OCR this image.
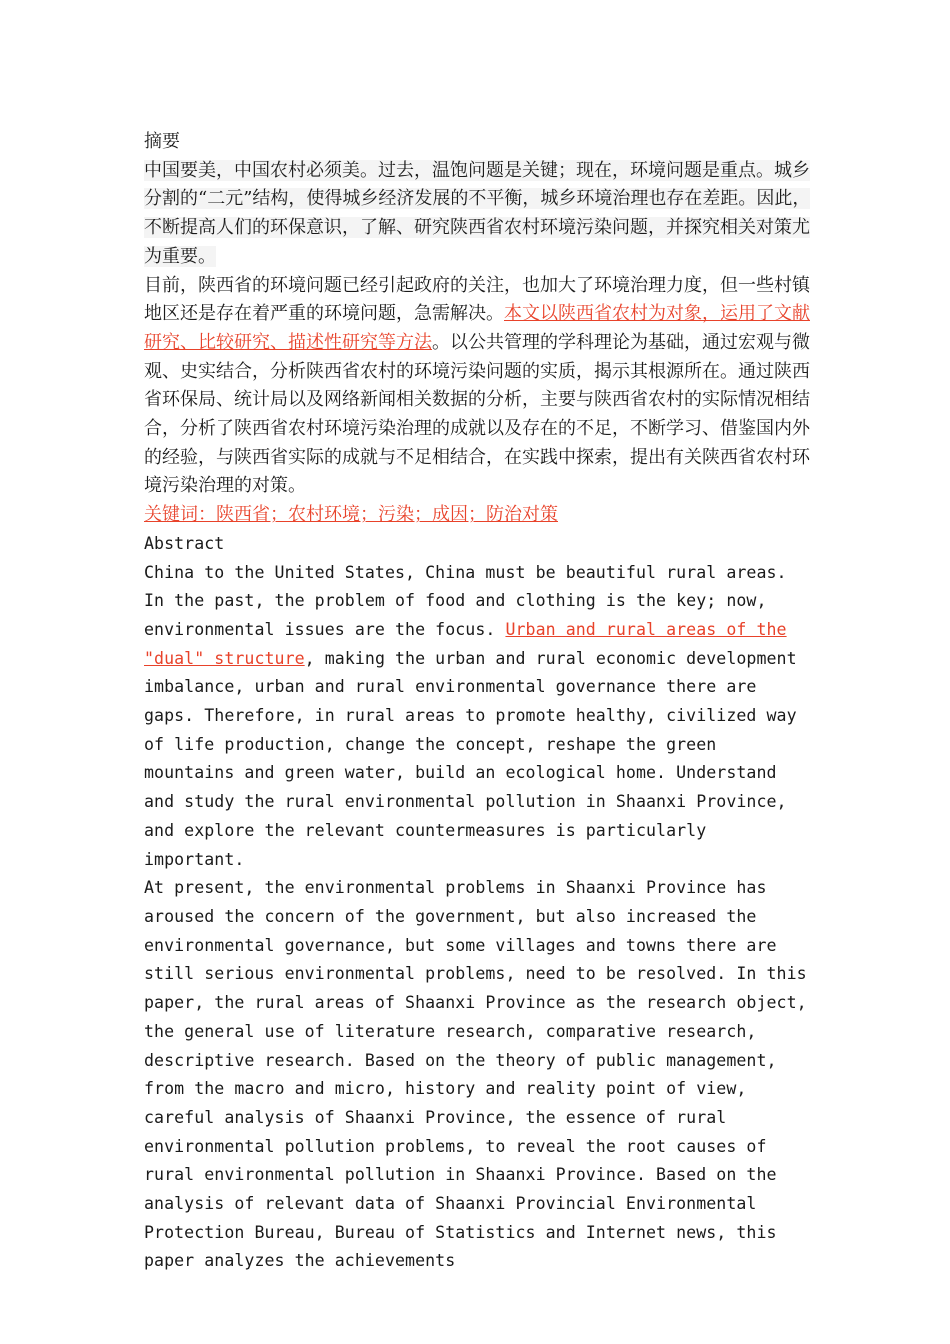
摘要

中国要美，中国农村必须美。过去，温饱问题是关键；现在，环境问题是重点。城乡分割的“二元”结构，使得城乡经济发展的不平衡，城乡环境治理也存在差距。因此，不断提高人们的环保意识，了解、研究陕西省农村环境污染问题，并探究相关对策尤为重要。

目前，陕西省的环境问题已经引起政府的关注，也加大了环境治理力度，但一些村镇地区还是存在着严重的环境问题，急需解决。本文以陕西省农村为对象，运用了文献研究、比较研究、描述性研究等方法。以公共管理的学科理论为基础，通过宏观与微观、史实结合，分析陕西省农村的环境污染问题的实质，揭示其根源所在。通过陕西省环保局、统计局以及网络新闻相关数据的分析，主要与陕西省农村的实际情况相结合，分析了陕西省农村环境污染治理的成就以及存在的不足，不断学习、借鉴国内外的经验，与陕西省实际的成就与不足相结合，在实践中探索，提出有关陕西省农村环境污染治理的对策。

关键词：陕西省；农村环境；污染；成因；防治对策

Abstract

China to the United States, China must be beautiful rural areas. In the past, the problem of food and clothing is the key; now, environmental issues are the focus. Urban and rural areas of the "dual" structure, making the urban and rural economic development imbalance, urban and rural environmental governance there are gaps. Therefore, in rural areas to promote healthy, civilized way of life production, change the concept, reshape the green mountains and green water, build an ecological home. Understand and study the rural environmental pollution in Shaanxi Province, and explore the relevant countermeasures is particularly important.

At present, the environmental problems in Shaanxi Province has aroused the concern of the government, but also increased the environmental governance, but some villages and towns there are still serious environmental problems, need to be resolved. In this paper, the rural areas of Shaanxi Province as the research object, the general use of literature research, comparative research, descriptive research. Based on the theory of public management, from the macro and micro, history and reality point of view, careful analysis of Shaanxi Province, the essence of rural environmental pollution problems, to reveal the root causes of rural environmental pollution in Shaanxi Province. Based on the analysis of relevant data of Shaanxi Provincial Environmental Protection Bureau, Bureau of Statistics and Internet news, this paper analyzes the achievements
